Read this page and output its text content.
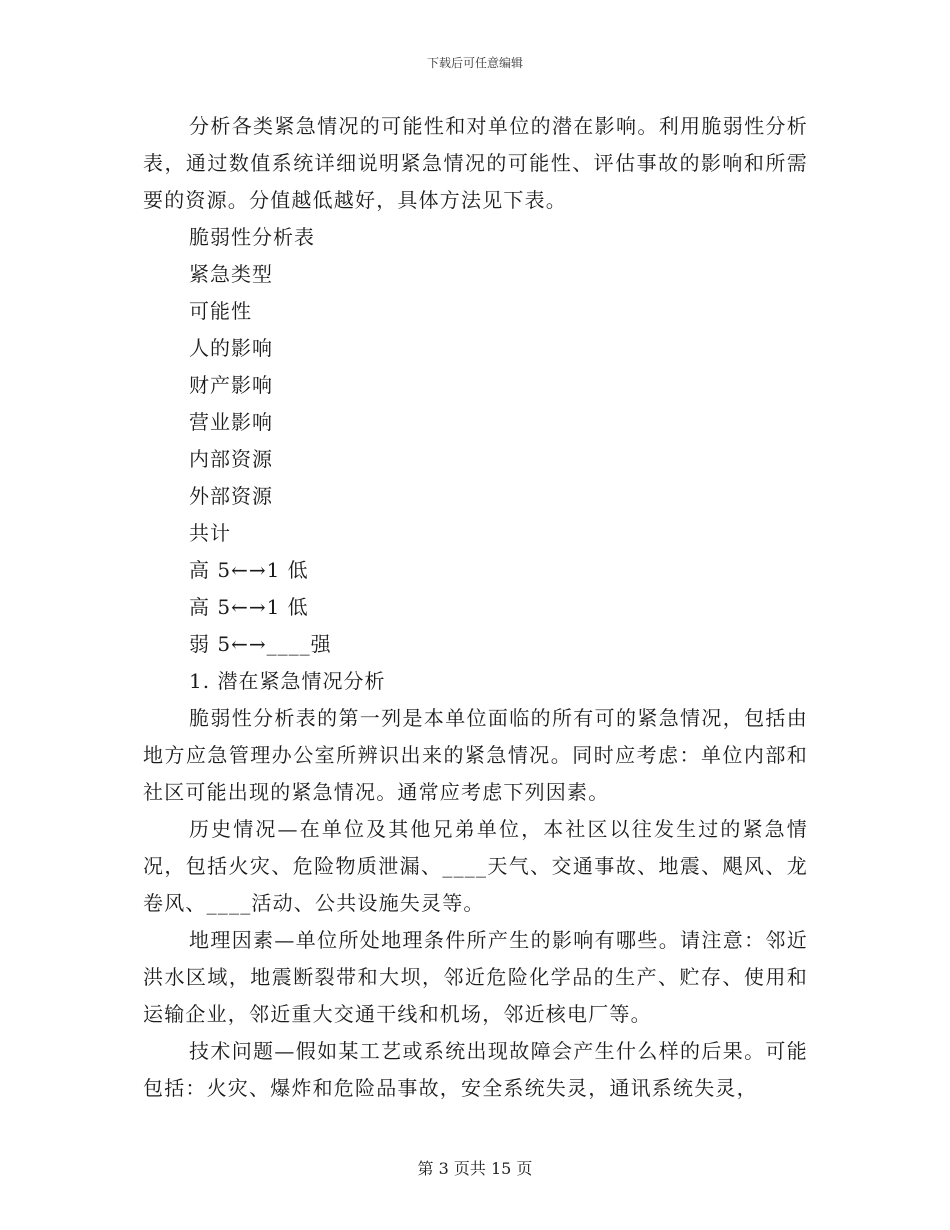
下载后可任意编辑

分析各类紧急情况的可能性和对单位的潜在影响。利用脆弱性分析表，通过数值系统详细说明紧急情况的可能性、评估事故的影响和所需要的资源。分值越低越好，具体方法见下表。

脆弱性分析表

紧急类型

可能性

人的影响

财产影响

营业影响

内部资源

外部资源

共计

高 5←→1 低

高 5←→1 低

弱 5←→____强

1. 潜在紧急情况分析

脆弱性分析表的第一列是本单位面临的所有可的紧急情况，包括由地方应急管理办公室所辨识出来的紧急情况。同时应考虑：单位内部和社区可能出现的紧急情况。通常应考虑下列因素。

历史情况—在单位及其他兄弟单位，本社区以往发生过的紧急情况，包括火灾、危险物质泄漏、____天气、交通事故、地震、飓风、龙卷风、____活动、公共设施失灵等。

地理因素—单位所处地理条件所产生的影响有哪些。请注意：邻近洪水区域，地震断裂带和大坝，邻近危险化学品的生产、贮存、使用和运输企业，邻近重大交通干线和机场，邻近核电厂等。

技术问题—假如某工艺或系统出现故障会产生什么样的后果。可能包括：火灾、爆炸和危险品事故，安全系统失灵，通讯系统失灵，

第 3 页共 15 页
